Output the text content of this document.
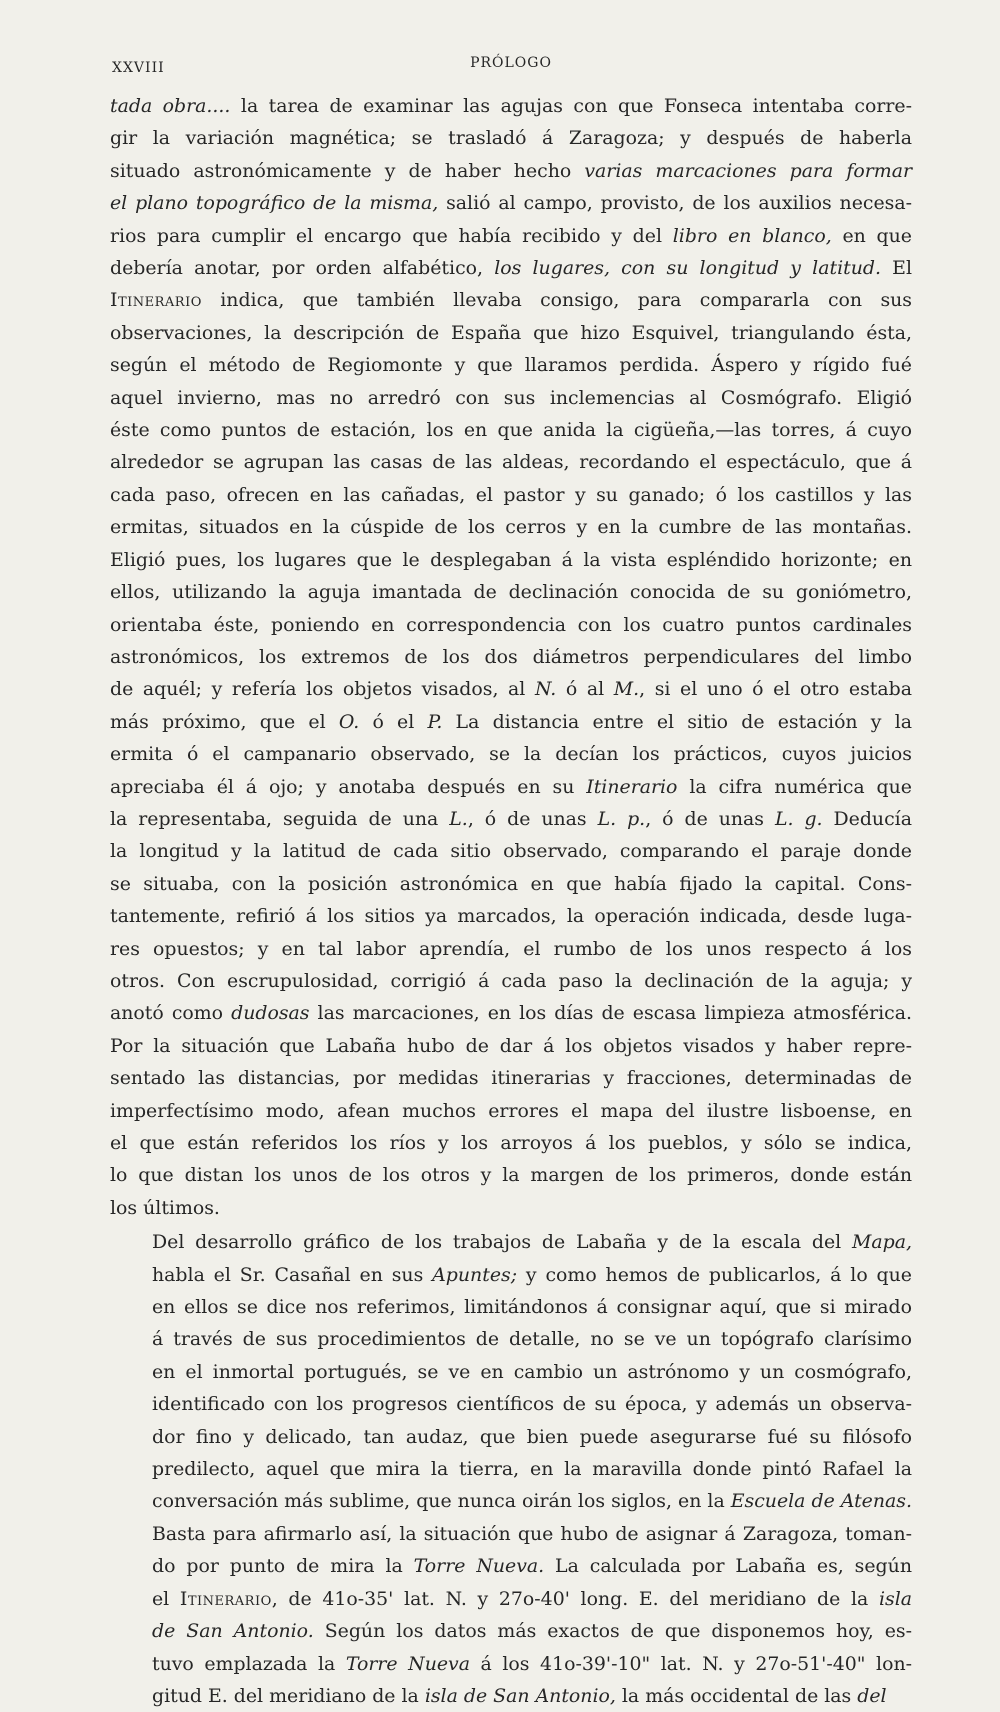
XXVIII	PRÓLOGO

tada obra.... la tarea de examinar las agujas con que Fonseca intentaba corre-
gir la variación magnética; se trasladó á Zaragoza; y después de haberla
situado astronómicamente y de haber hecho varias marcaciones para formar
el plano topográfico de la misma, salió al campo, provisto, de los auxilios necesa-
rios para cumplir el encargo que había recibido y del libro en blanco, en que
debería anotar, por orden alfabético, los lugares, con su longitud y latitud. El
Itinerario indica, que también llevaba consigo, para compararla con sus
observaciones, la descripción de España que hizo Esquivel, triangulando ésta,
según el método de Regiomonte y que llaramos perdida. Áspero y rígido fué
aquel invierno, mas no arredró con sus inclemencias al Cosmógrafo. Eligió
éste como puntos de estación, los en que anida la cigüeña,—las torres, á cuyo
alrededor se agrupan las casas de las aldeas, recordando el espectáculo, que á
cada paso, ofrecen en las cañadas, el pastor y su ganado; ó los castillos y las
ermitas, situados en la cúspide de los cerros y en la cumbre de las montañas.
Eligió pues, los lugares que le desplegaban á la vista espléndido horizonte; en
ellos, utilizando la aguja imantada de declinación conocida de su goniómetro,
orientaba éste, poniendo en correspondencia con los cuatro puntos cardinales
astronómicos, los extremos de los dos diámetros perpendiculares del limbo
de aquél; y refería los objetos visados, al N. ó al M., si el uno ó el otro estaba
más próximo, que el O. ó el P. La distancia entre el sitio de estación y la
ermita ó el campanario observado, se la decían los prácticos, cuyos juicios
apreciaba él á ojo; y anotaba después en su Itinerario la cifra numérica que
la representaba, seguida de una L., ó de unas L. p., ó de unas L. g. Deducía
la longitud y la latitud de cada sitio observado, comparando el paraje donde
se situaba, con la posición astronómica en que había fijado la capital. Cons-
tantemente, refirió á los sitios ya marcados, la operación indicada, desde luga-
res opuestos; y en tal labor aprendía, el rumbo de los unos respecto á los
otros. Con escrupulosidad, corrigió á cada paso la declinación de la aguja; y
anotó como dudosas las marcaciones, en los días de escasa limpieza atmosférica.
Por la situación que Labaña hubo de dar á los objetos visados y haber repre-
sentado las distancias, por medidas itinerarias y fracciones, determinadas de
imperfectísimo modo, afean muchos errores el mapa del ilustre lisboense, en
el que están referidos los ríos y los arroyos á los pueblos, y sólo se indica,
lo que distan los unos de los otros y la margen de los primeros, donde están
los últimos.

Del desarrollo gráfico de los trabajos de Labaña y de la escala del Mapa,
habla el Sr. Casañal en sus Apuntes; y como hemos de publicarlos, á lo que
en ellos se dice nos referimos, limitándonos á consignar aquí, que si mirado
á través de sus procedimientos de detalle, no se ve un topógrafo clarísimo
en el inmortal portugués, se ve en cambio un astrónomo y un cosmógrafo,
identificado con los progresos científicos de su época, y además un observa-
dor fino y delicado, tan audaz, que bien puede asegurarse fué su filósofo
predilecto, aquel que mira la tierra, en la maravilla donde pintó Rafael la
conversación más sublime, que nunca oirán los siglos, en la Escuela de Atenas.
Basta para afirmarlo así, la situación que hubo de asignar á Zaragoza, toman-
do por punto de mira la Torre Nueva. La calculada por Labaña es, según
el Itinerario, de 41o-35' lat. N. y 27o-40' long. E. del meridiano de la isla
de San Antonio. Según los datos más exactos de que disponemos hoy, es-
tuvo emplazada la Torre Nueva á los 41o-39'-10" lat. N. y 27o-51'-40" lon-
gitud E. del meridiano de la isla de San Antonio, la más occidental de las del
